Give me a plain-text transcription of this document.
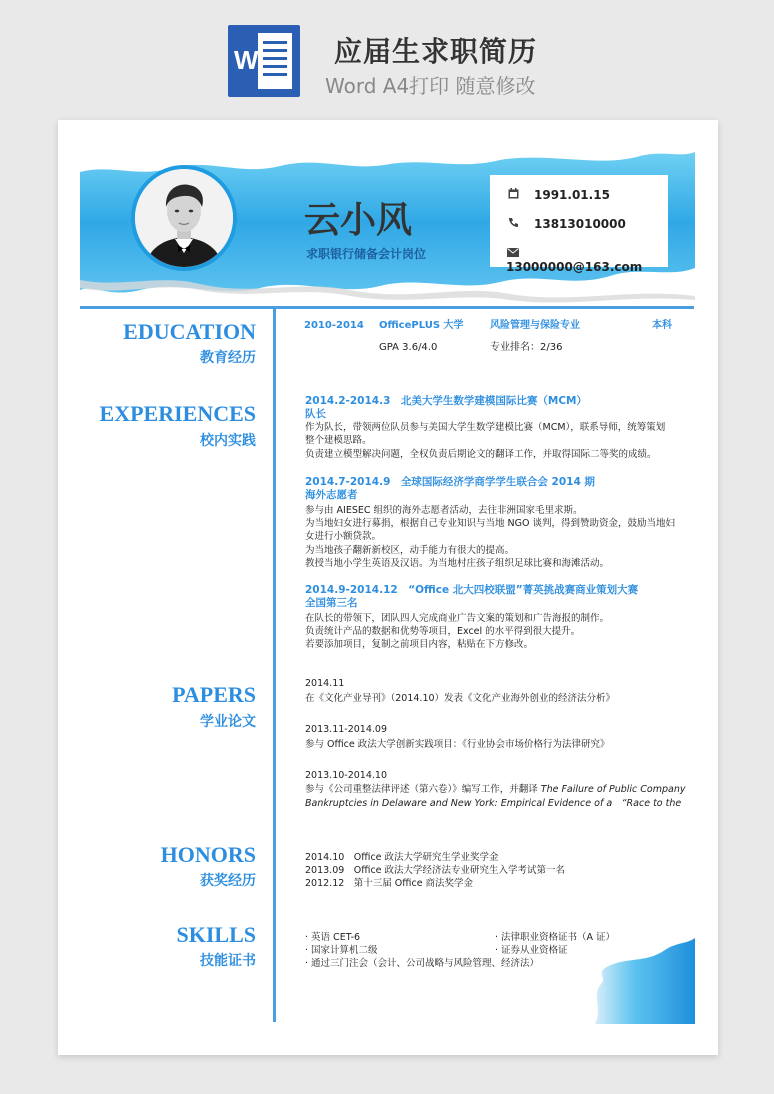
W	应届生求职简历
Word A4打印 随意修改
云小风
求职银行储备会计岗位
1991.01.15
13813010000
13000000@163.com
EDUCATION
教育经历
2010-2014 OfficePLUS 大学	风险管理与保险专业	本科
GPA 3.6/4.0	专业排名：2/36
EXPERIENCES
校内实践
2014.2-2014.3　北美大学生数学建模国际比赛（MCM）
队长
作为队长，带领两位队员参与美国大学生数学建模比赛（MCM），联系导师，统筹策划
整个建模思路。
负责建立模型解决问题，全权负责后期论文的翻译工作，并取得国际二等奖的成绩。
2014.7-2014.9　全球国际经济学商学学生联合会 2014 期
海外志愿者
参与由 AIESEC 组织的海外志愿者活动，去往非洲国家毛里求斯。
为当地妇女进行募捐，根据自己专业知识与当地 NGO 谈判，得到赞助资金，鼓励当地妇
女进行小额贷款。
为当地孩子翻新新校区，动手能力有很大的提高。
教授当地小学生英语及汉语。为当地村庄孩子组织足球比赛和海滩活动。
2014.9-2014.12　“Office 北大四校联盟”菁英挑战赛商业策划大赛
全国第三名
在队长的带领下，团队四人完成商业广告文案的策划和广告海报的制作。
负责统计产品的数据和优势等项目，Excel 的水平得到很大提升。
若要添加项目，复制之前项目内容，粘贴在下方修改。
PAPERS
学业论文
2014.11
在《文化产业导刊》（2014.10）发表《文化产业海外创业的经济法分析》
2013.11-2014.09
参与 Office 政法大学创新实践项目：《行业协会市场价格行为法律研究》
2013.10-2014.10
参与《公司重整法律评述（第六卷）》编写工作，并翻译 The Failure of Public Company
Bankruptcies in Delaware and New York: Empirical Evidence of a　“Race to the
HONORS
获奖经历
2014.10　Office 政法大学研究生学业奖学金
2013.09　Office 政法大学经济法专业研究生入学考试第一名
2012.12　第十三届 Office 商法奖学金
SKILLS
技能证书
· 英语 CET-6
· 国家计算机二级
· 通过三门注会（会计、公司战略与风险管理、经济法）
· 法律职业资格证书（A 证）
· 证券从业资格证
